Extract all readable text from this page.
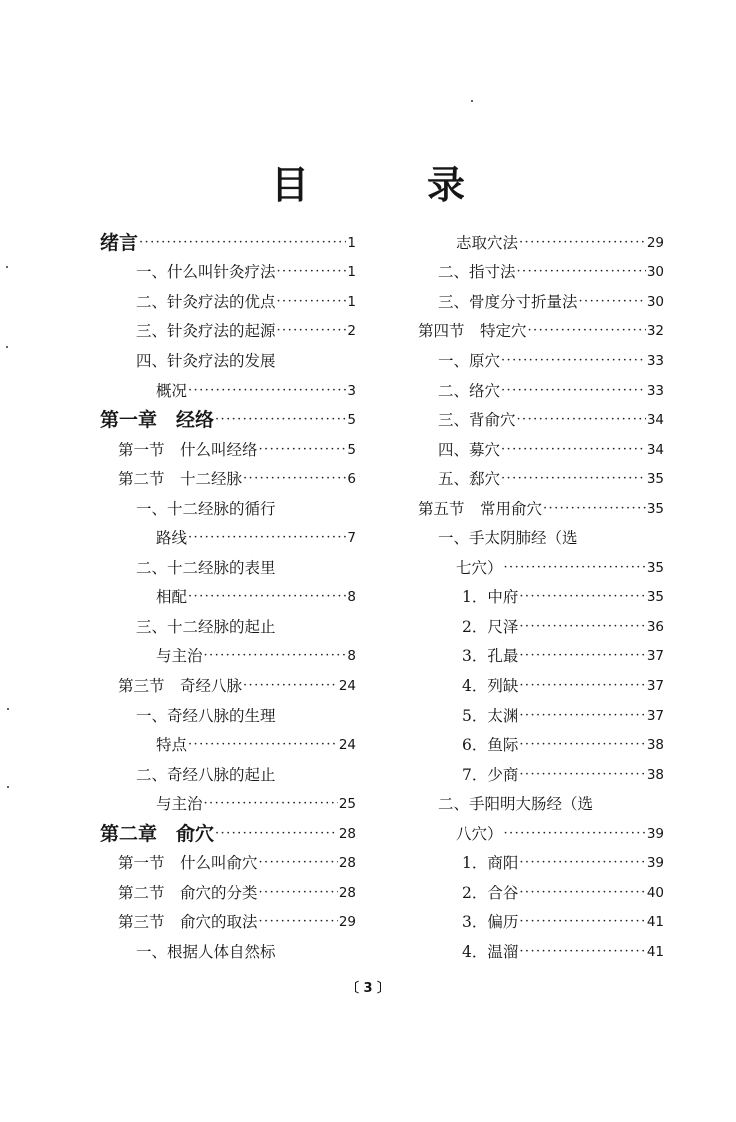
目　录
绪言 ·····	1
一、什么叫针灸疗法 ·····	1
二、针灸疗法的优点 ·····	1
三、针灸疗法的起源 ·····	2
四、针灸疗法的发展
概况 ·····	3
第一章　经络 ·····	5
第一节　什么叫经络 ·····	5
第二节　十二经脉 ·····	6
一、十二经脉的循行
路线 ·····	7
二、十二经脉的表里
相配 ·····	8
三、十二经脉的起止
与主治 ·····	8
第三节　奇经八脉 ·····	24
一、奇经八脉的生理
特点 ·····	24
二、奇经八脉的起止
与主治 ·····	25
第二章　俞穴 ·····	28
第一节　什么叫俞穴 ·····	28
第二节　俞穴的分类 ·····	28
第三节　俞穴的取法 ·····	29
一、根据人体自然标
志取穴法 ·····	29
二、指寸法 ·····	30
三、骨度分寸折量法 ·····	30
第四节　特定穴 ·····	32
一、原穴 ·····	33
二、络穴 ·····	33
三、背俞穴 ·····	34
四、募穴 ·····	34
五、郄穴 ·····	35
第五节　常用俞穴 ·····	35
一、手太阴肺经（选
七穴） ·····	35
1．中府 ·····	35
2．尺泽 ·····	36
3．孔最 ·····	37
4．列缺 ·····	37
5．太渊 ·····	37
6．鱼际 ·····	38
7．少商 ·····	38
二、手阳明大肠经（选
八穴） ·····	39
1．商阳 ·····	39
2．合谷 ·····	40
3．偏历 ·····	41
4．温溜 ·····	41
〔 3 〕
